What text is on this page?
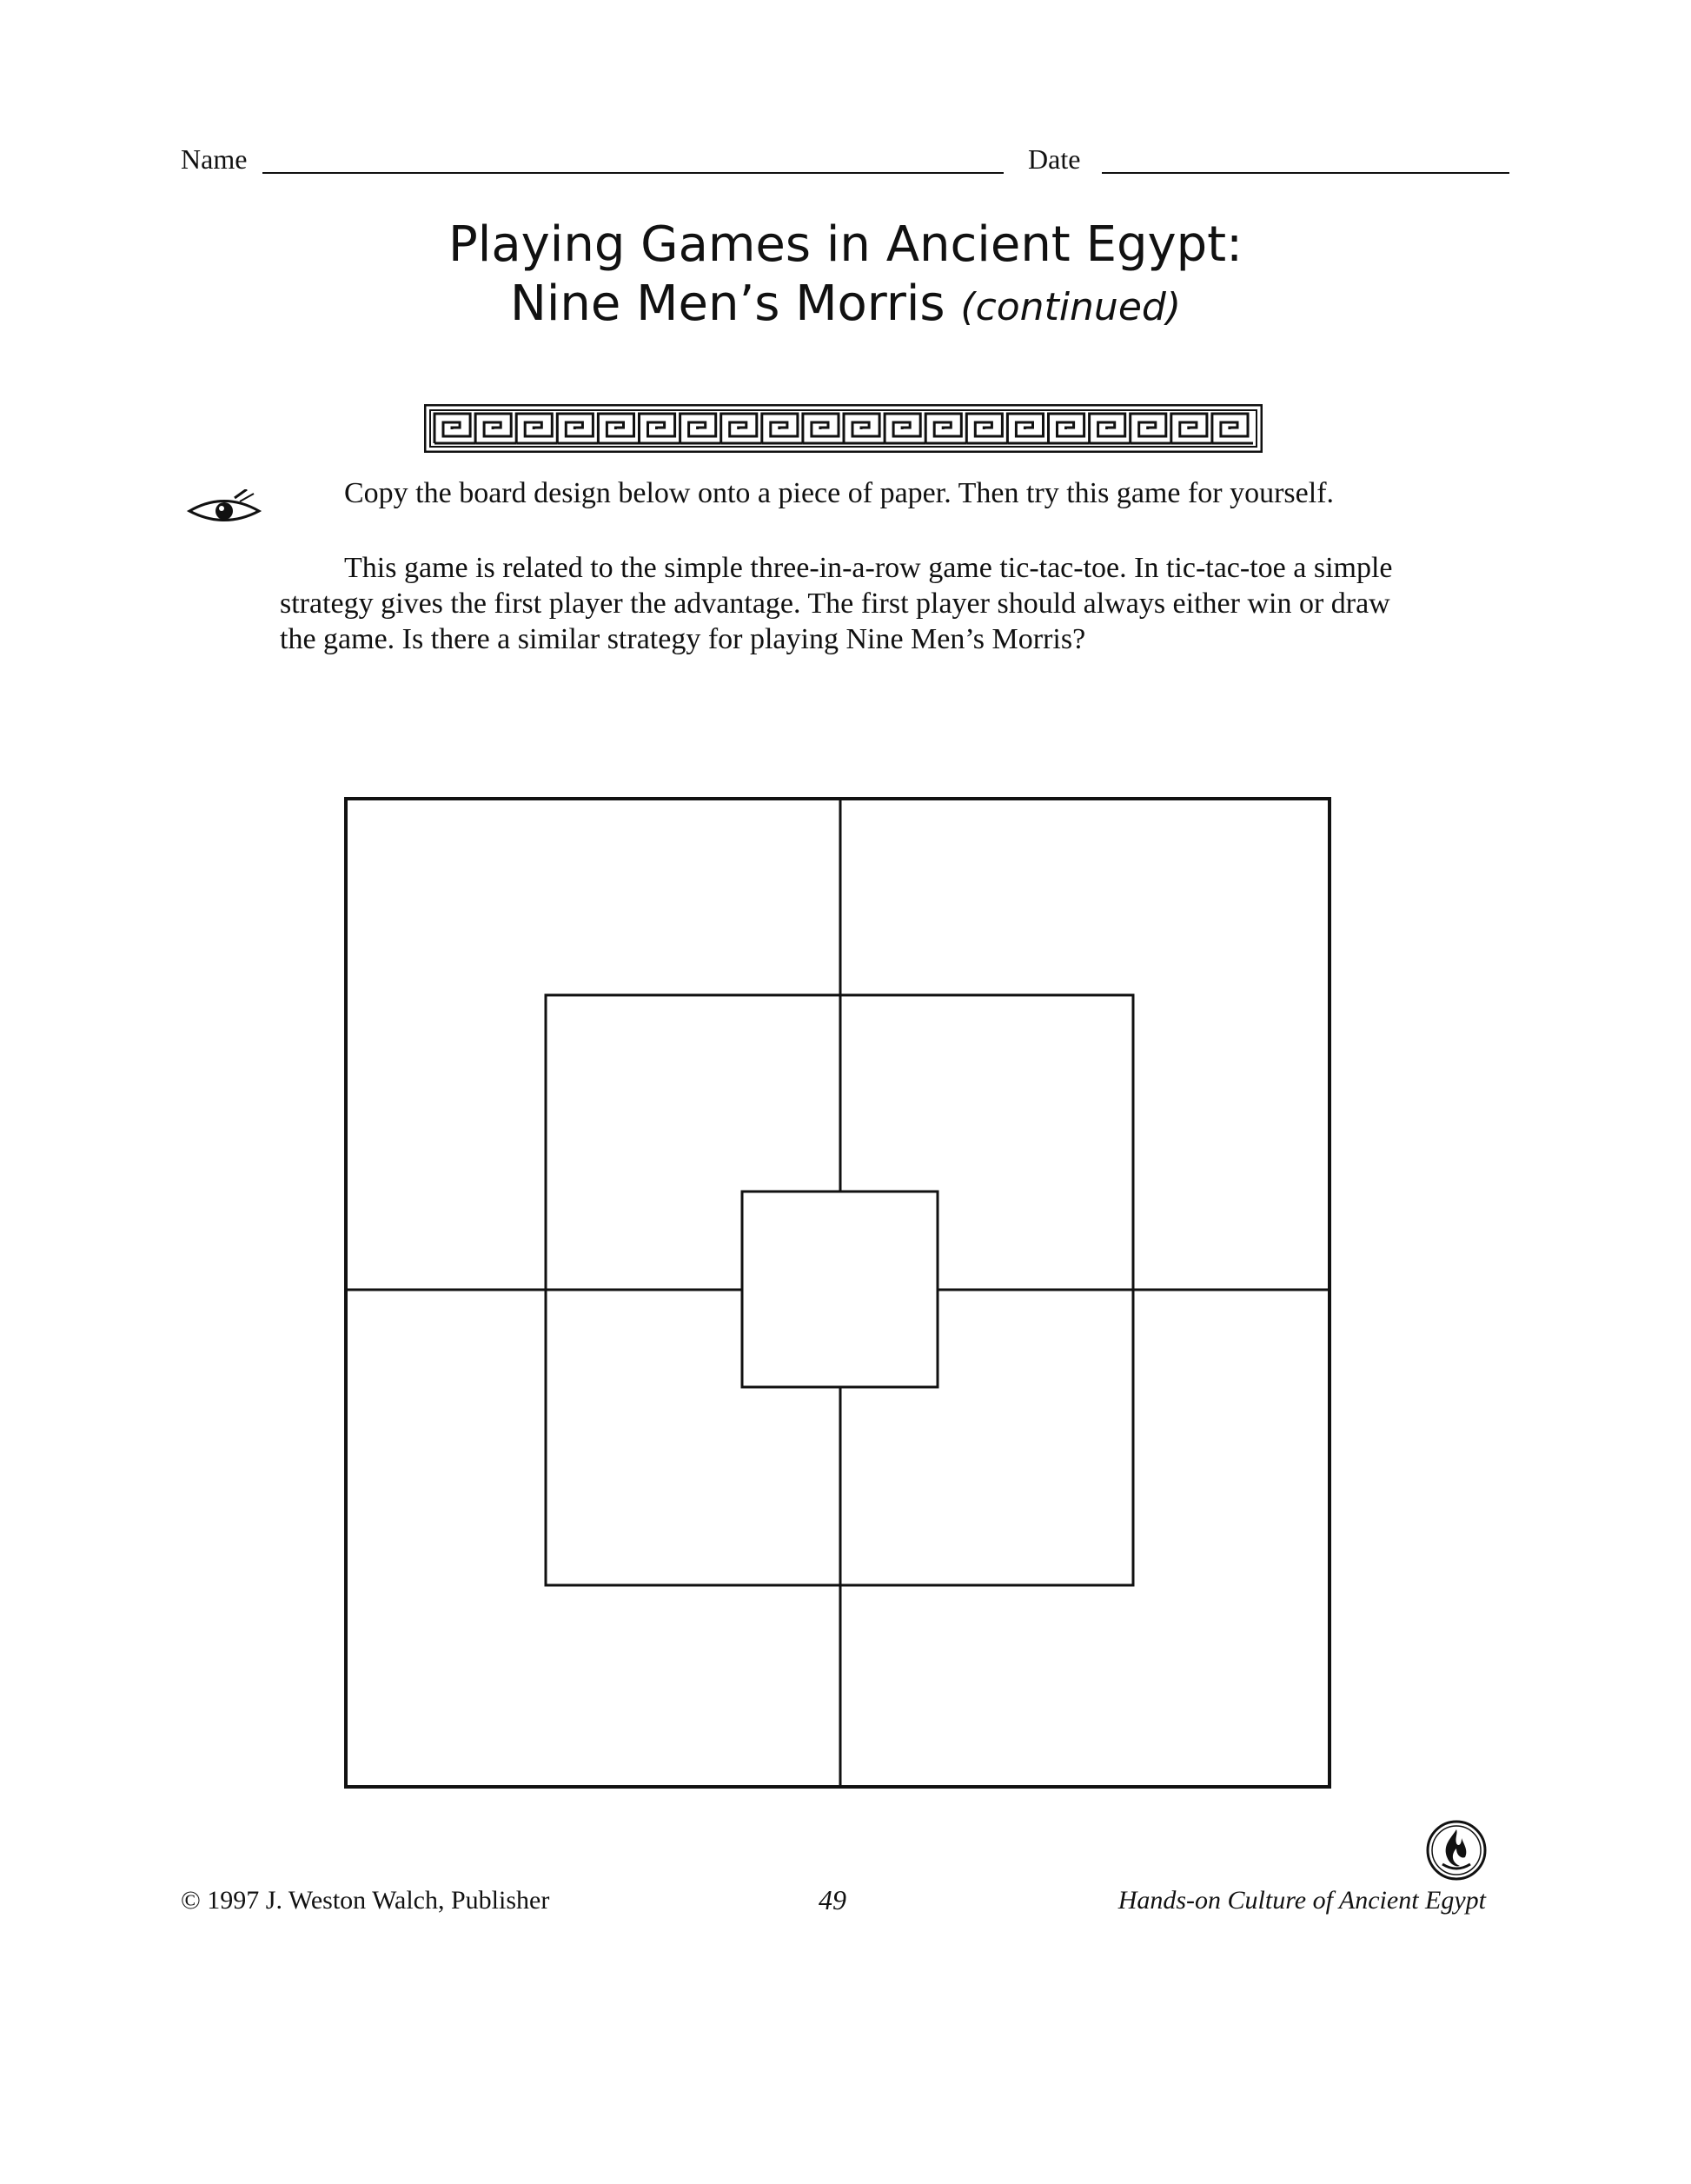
Name	Date
Playing Games in Ancient Egypt:
Nine Men’s Morris (continued)
Copy the board design below onto a piece of paper. Then try this game for yourself.
This game is related to the simple three-in-a-row game tic-tac-toe. In tic-tac-toe a simple strategy gives the first player the advantage. The first player should always either win or draw the game. Is there a similar strategy for playing Nine Men’s Morris?
© 1997 J. Weston Walch, Publisher	49	Hands-on Culture of Ancient Egypt
